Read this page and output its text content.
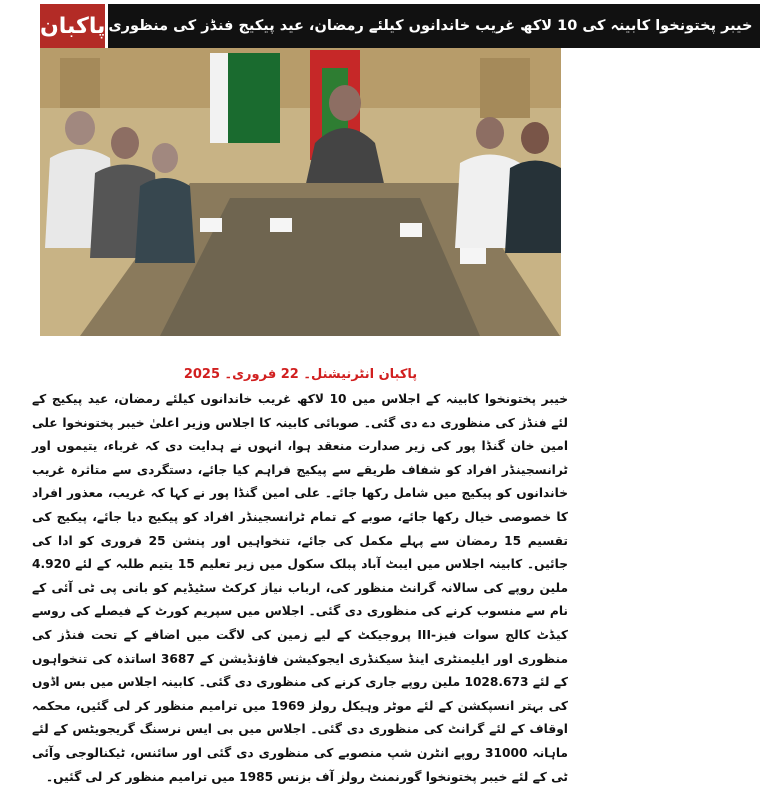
پاکبان خیبر پختونخوا کابینہ کی 10 لاکھ غریب خاندانوں کیلئے رمضان، عید پیکیج فنڈز کی منظوری
پاکبان انٹرنیشنل۔ 22 فروری۔ 2025
خیبر پختونخوا کابینہ کے اجلاس میں 10 لاکھ غریب خاندانوں کیلئے رمضان، عید پیکیج کے لئے فنڈز کی منظوری دے دی گئی۔ صوبائی کابینہ کا اجلاس وزیر اعلیٰ خیبر پختونخوا علی امین خان گنڈا پور کی زیر صدارت منعقد ہوا، انہوں نے ہدایت دی کہ غرباء، یتیموں اور ٹرانسجینڈر افراد کو شفاف طریقے سے پیکیج فراہم کیا جائے، دستگردی سے متاثرہ غریب خاندانوں کو پیکیج میں شامل رکھا جائے۔ علی امین گنڈا پور نے کہا کہ غریب، معذور افراد کا خصوصی خیال رکھا جائے، صوبے کے تمام ٹرانسجینڈر افراد کو پیکیج دیا جائے، پیکیج کی تقسیم 15 رمضان سے پہلے مکمل کی جائے، تنخواہیں اور پنشن 25 فروری کو ادا کی جائیں۔ کابینہ اجلاس میں ایبٹ آباد پبلک سکول میں زیر تعلیم 15 یتیم طلبہ کے لئے 4.920 ملین روپے کی سالانہ گرانٹ منظور کی، ارباب نیاز کرکٹ سٹیڈیم کو بانی پی ٹی آئی کے نام سے منسوب کرنے کی منظوری دی گئی۔ اجلاس میں سپریم کورٹ کے فیصلے کی روسے کیڈٹ کالج سوات فیز-III پروجیکٹ کے لیے زمین کی لاگت میں اضافے کے تحت فنڈز کی منظوری اور ایلیمنٹری اینڈ سیکنڈری ایجوکیشن فاؤنڈیشن کے 3687 اساتذہ کی تنخواہوں کے لئے 1028.673 ملین روپے جاری کرنے کی منظوری دی گئی۔ کابینہ اجلاس میں بس اڈوں کی بہتر انسپکشن کے لئے موٹر وہیکل رولز 1969 میں ترامیم منظور کر لی گئیں، محکمہ اوقاف کے لئے گرانٹ کی منظوری دی گئی۔ اجلاس میں بی ایس نرسنگ گریجویٹس کے لئے ماہانہ 31000 روپے انٹرن شپ منصوبے کی منظوری دی گئی اور سائنس، ٹیکنالوجی وآئی ٹی کے لئے خیبر پختونخوا گورنمنٹ رولز آف بزنس 1985 میں ترامیم منظور کر لی گئیں۔
